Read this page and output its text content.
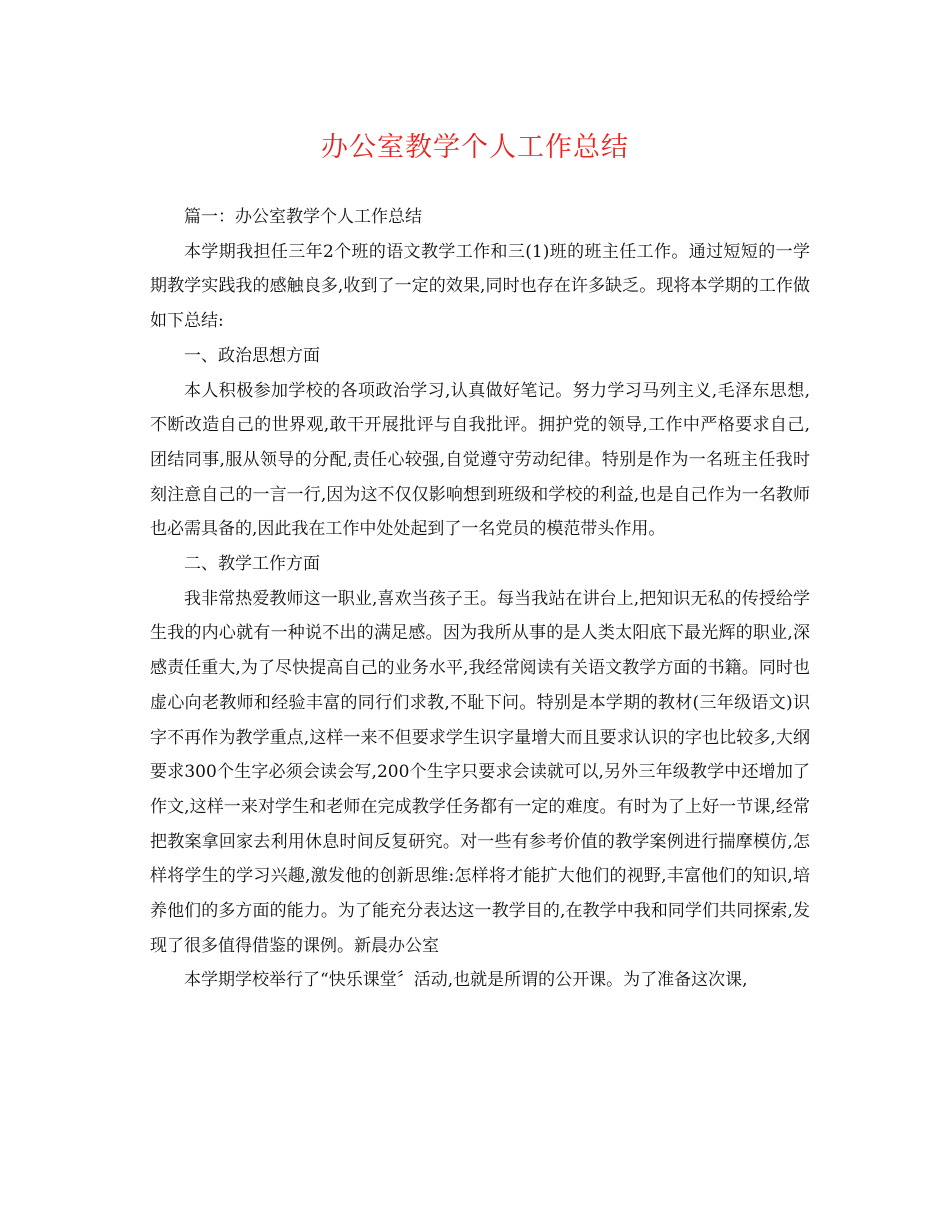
办公室教学个人工作总结

篇一：办公室教学个人工作总结

本学期我担任三年2个班的语文教学工作和三(1)班的班主任工作。通过短短的一学期教学实践我的感触良多,收到了一定的效果,同时也存在许多缺乏。现将本学期的工作做如下总结:

一、政治思想方面

本人积极参加学校的各项政治学习,认真做好笔记。努力学习马列主义,毛泽东思想,不断改造自己的世界观,敢干开展批评与自我批评。拥护党的领导,工作中严格要求自己,团结同事,服从领导的分配,责任心较强,自觉遵守劳动纪律。特别是作为一名班主任我时刻注意自己的一言一行,因为这不仅仅影响想到班级和学校的利益,也是自己作为一名教师也必需具备的,因此我在工作中处处起到了一名党员的模范带头作用。

二、教学工作方面

我非常热爱教师这一职业,喜欢当孩子王。每当我站在讲台上,把知识无私的传授给学生我的内心就有一种说不出的满足感。因为我所从事的是人类太阳底下最光辉的职业,深感责任重大,为了尽快提高自己的业务水平,我经常阅读有关语文教学方面的书籍。同时也虚心向老教师和经验丰富的同行们求教,不耻下问。特别是本学期的教材(三年级语文)识字不再作为教学重点,这样一来不但要求学生识字量增大而且要求认识的字也比较多,大纲要求300个生字必须会读会写,200个生字只要求会读就可以,另外三年级教学中还增加了作文,这样一来对学生和老师在完成教学任务都有一定的难度。有时为了上好一节课,经常把教案拿回家去利用休息时间反复研究。对一些有参考价值的教学案例进行揣摩模仿,怎样将学生的学习兴趣,激发他的创新思维:怎样将才能扩大他们的视野,丰富他们的知识,培养他们的多方面的能力。为了能充分表达这一教学目的,在教学中我和同学们共同探索,发现了很多值得借鉴的课例。新晨办公室

本学期学校举行了“快乐课堂〞活动,也就是所谓的公开课。为了准备这次课,
